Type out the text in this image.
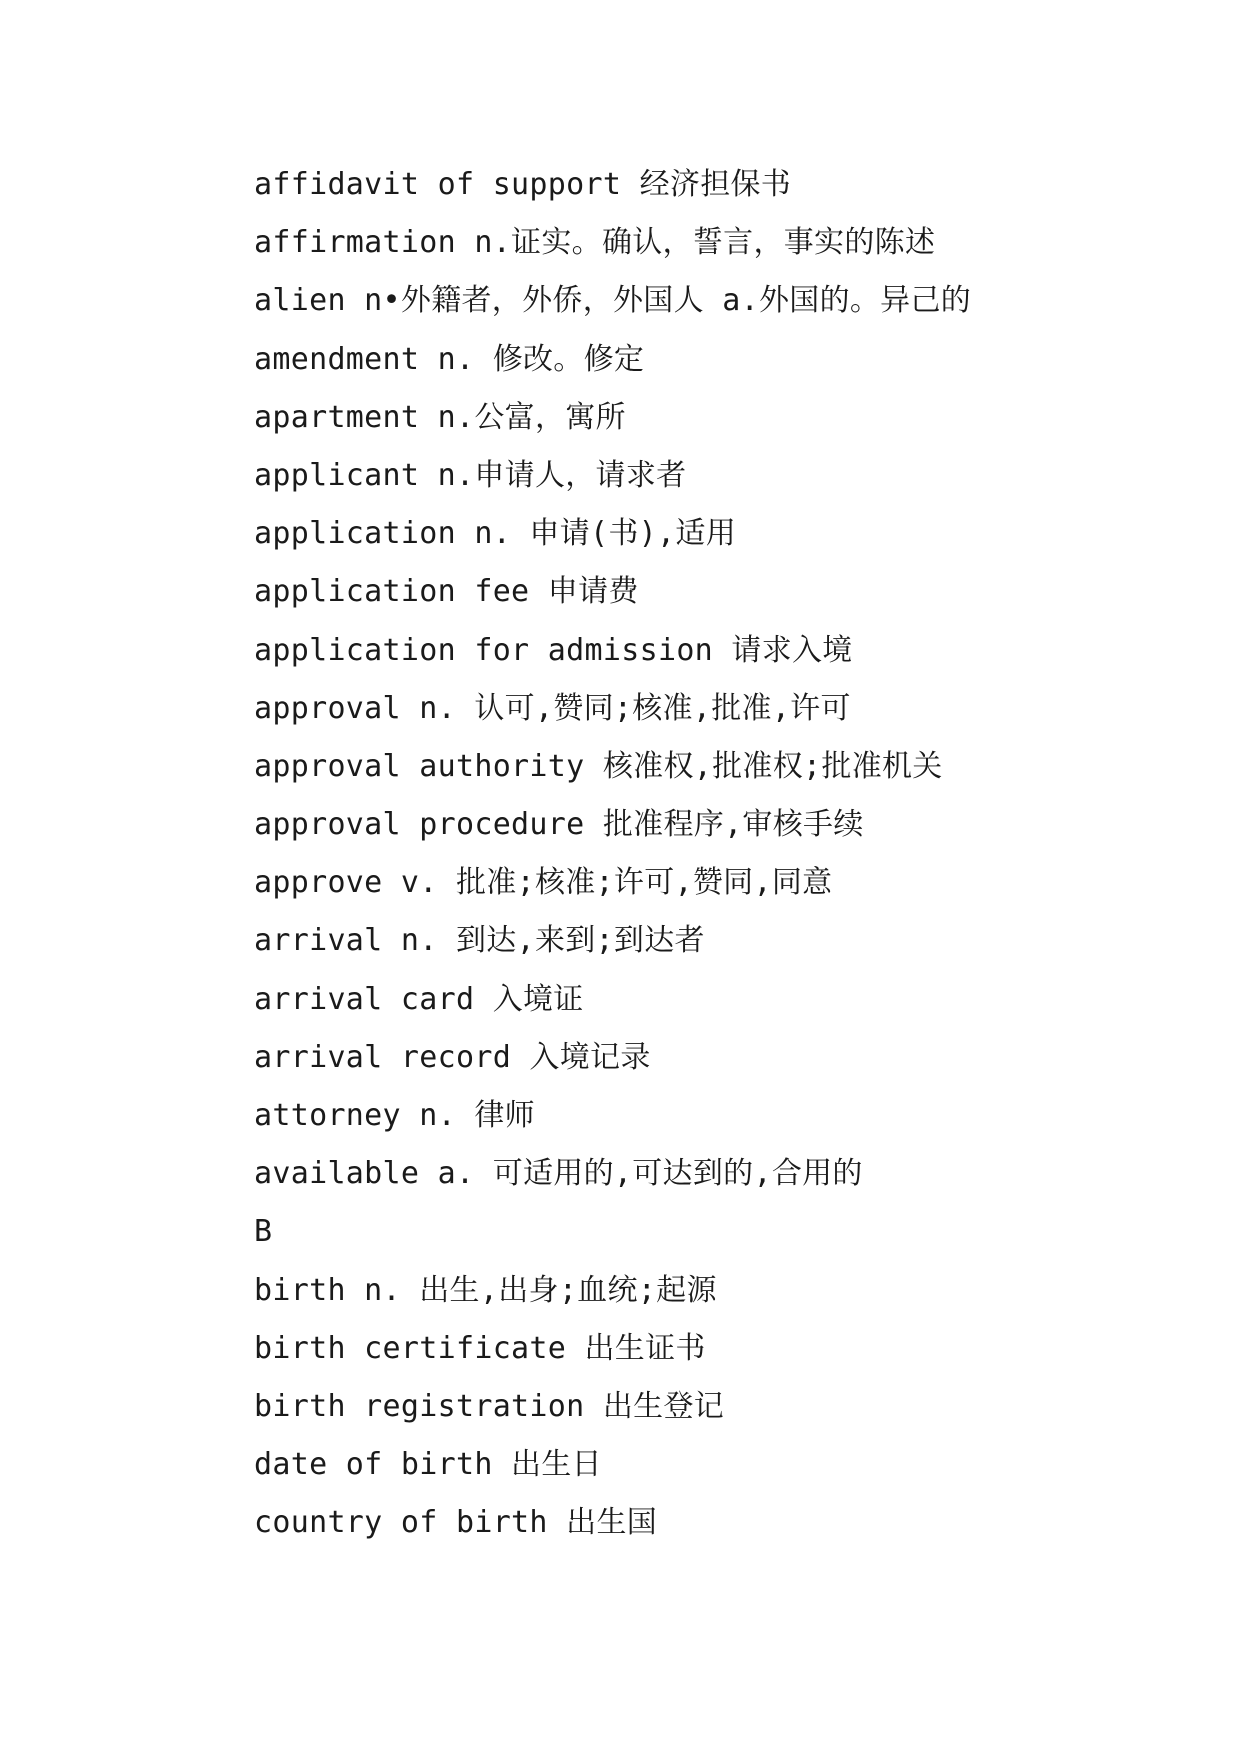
affidavit of support 经济担保书
affirmation n.证实。确认，誓言，事实的陈述
alien n•外籍者，外侨，外国人 a.外国的。异己的
amendment n. 修改。修定
apartment n.公富，寓所
applicant n.申请人，请求者
application n. 申请(书),适用
application fee 申请费
application for admission 请求入境
approval n. 认可,赞同;核准,批准,许可
approval authority 核准权,批准权;批准机关
approval procedure 批准程序,审核手续
approve v. 批准;核准;许可,赞同,同意
arrival n. 到达,来到;到达者
arrival card 入境证
arrival record 入境记录
attorney n. 律师
available a. 可适用的,可达到的,合用的
B
birth n. 出生,出身;血统;起源
birth certificate 出生证书
birth registration 出生登记
date of birth 出生日
country of birth 出生国
